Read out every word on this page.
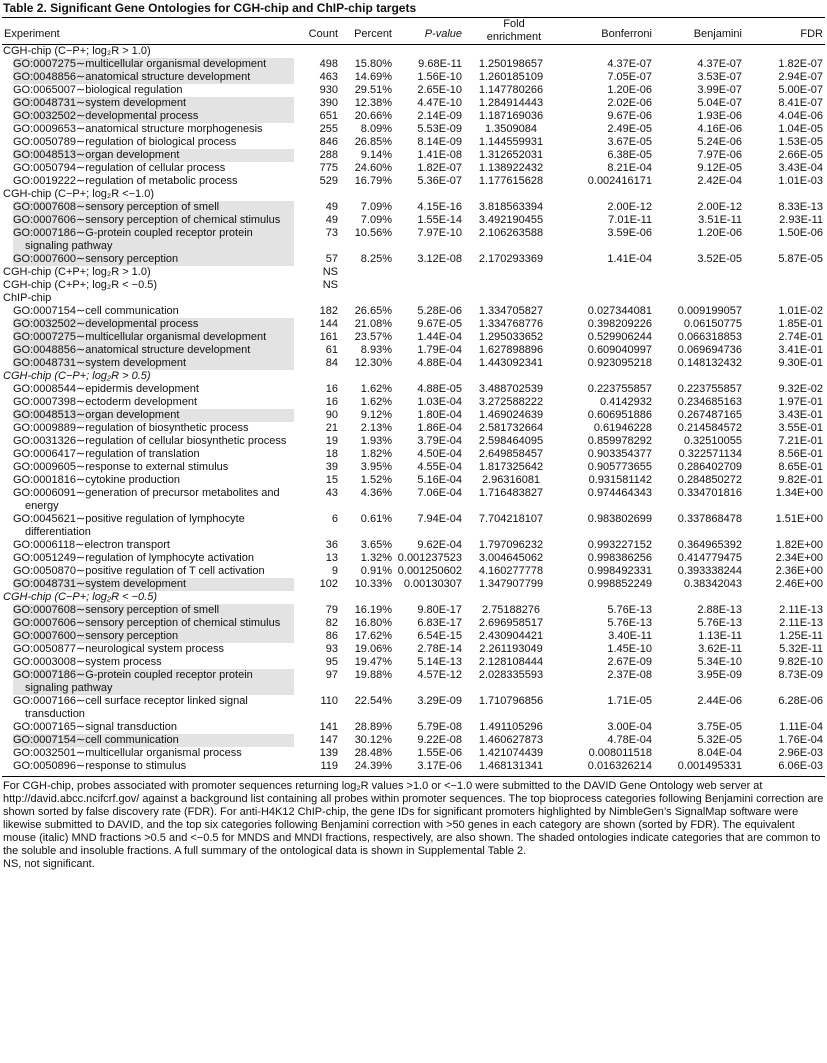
Table 2. Significant Gene Ontologies for CGH-chip and ChIP-chip targets
Experiment	Count	Percent	P-value	Fold enrichment	Bonferroni	Benjamini	FDR
CGH-chip (C−P+; log₂R > 1.0)							

GO:0007275∼multicellular organismal development	498	15.80%	9.68E-11	1.250198657	4.37E-07	4.37E-07	1.82E-07

GO:0048856∼anatomical structure development	463	14.69%	1.56E-10	1.260185109	7.05E-07	3.53E-07	2.94E-07

GO:0065007∼biological regulation	930	29.51%	2.65E-10	1.147780266	1.20E-06	3.99E-07	5.00E-07

GO:0048731∼system development	390	12.38%	4.47E-10	1.284914443	2.02E-06	5.04E-07	8.41E-07

GO:0032502∼developmental process	651	20.66%	2.14E-09	1.187169036	9.67E-06	1.93E-06	4.04E-06

GO:0009653∼anatomical structure morphogenesis	255	8.09%	5.53E-09	1.3509084	2.49E-05	4.16E-06	1.04E-05

GO:0050789∼regulation of biological process	846	26.85%	8.14E-09	1.144559931	3.67E-05	5.24E-06	1.53E-05

GO:0048513∼organ development	288	9.14%	1.41E-08	1.312652031	6.38E-05	7.97E-06	2.66E-05

GO:0050794∼regulation of cellular process	775	24.60%	1.82E-07	1.138922432	8.21E-04	9.12E-05	3.43E-04

GO:0019222∼regulation of metabolic process	529	16.79%	5.36E-07	1.177615628	0.002416171	2.42E-04	1.01E-03
CGH-chip (C−P+; log₂R <−1.0)							

GO:0007608∼sensory perception of smell	49	7.09%	4.15E-16	3.818563394	2.00E-12	2.00E-12	8.33E-13

GO:0007606∼sensory perception of chemical stimulus	49	7.09%	1.55E-14	3.492190455	7.01E-11	3.51E-11	2.93E-11

GO:0007186∼G-protein coupled receptor protein signaling pathway	73	10.56%	7.97E-10	2.106263588	3.59E-06	1.20E-06	1.50E-06

GO:0007600∼sensory perception	57	8.25%	3.12E-08	2.170293369	1.41E-04	3.52E-05	5.87E-05
CGH-chip (C+P+; log₂R > 1.0)	NS						
CGH-chip (C+P+; log₂R < −0.5)	NS						
ChIP-chip							

GO:0007154∼cell communication	182	26.65%	5.28E-06	1.334705827	0.027344081	0.009199057	1.01E-02

GO:0032502∼developmental process	144	21.08%	9.67E-05	1.334768776	0.398209226	0.06150775	1.85E-01

GO:0007275∼multicellular organismal development	161	23.57%	1.44E-04	1.295033652	0.529906244	0.066318853	2.74E-01

GO:0048856∼anatomical structure development	61	8.93%	1.79E-04	1.627898896	0.609040997	0.069694736	3.41E-01

GO:0048731∼system development	84	12.30%	4.88E-04	1.443092341	0.923095218	0.148132432	9.30E-01
CGH-chip (C−P+; log₂R > 0.5)							

GO:0008544∼epidermis development	16	1.62%	4.88E-05	3.488702539	0.223755857	0.223755857	9.32E-02

GO:0007398∼ectoderm development	16	1.62%	1.03E-04	3.272588222	0.4142932	0.234685163	1.97E-01

GO:0048513∼organ development	90	9.12%	1.80E-04	1.469024639	0.606951886	0.267487165	3.43E-01

GO:0009889∼regulation of biosynthetic process	21	2.13%	1.86E-04	2.581732664	0.61946228	0.214584572	3.55E-01

GO:0031326∼regulation of cellular biosynthetic process	19	1.93%	3.79E-04	2.598464095	0.859978292	0.32510055	7.21E-01

GO:0006417∼regulation of translation	18	1.82%	4.50E-04	2.649858457	0.903354377	0.322571134	8.56E-01

GO:0009605∼response to external stimulus	39	3.95%	4.55E-04	1.817325642	0.905773655	0.286402709	8.65E-01

GO:0001816∼cytokine production	15	1.52%	5.16E-04	2.96316081	0.931581142	0.284850272	9.82E-01

GO:0006091∼generation of precursor metabolites and energy	43	4.36%	7.06E-04	1.716483827	0.974464343	0.334701816	1.34E+00

GO:0045621∼positive regulation of lymphocyte differentiation	6	0.61%	7.94E-04	7.704218107	0.983802699	0.337868478	1.51E+00

GO:0006118∼electron transport	36	3.65%	9.62E-04	1.797096232	0.993227152	0.364965392	1.82E+00

GO:0051249∼regulation of lymphocyte activation	13	1.32%	0.001237523	3.004645062	0.998386256	0.414779475	2.34E+00

GO:0050870∼positive regulation of T cell activation	9	0.91%	0.001250602	4.160277778	0.998492331	0.393338244	2.36E+00

GO:0048731∼system development	102	10.33%	0.00130307	1.347907799	0.998852249	0.38342043	2.46E+00
CGH-chip (C−P+; log₂R < −0.5)							

GO:0007608∼sensory perception of smell	79	16.19%	9.80E-17	2.75188276	5.76E-13	2.88E-13	2.11E-13

GO:0007606∼sensory perception of chemical stimulus	82	16.80%	6.83E-17	2.696958517	5.76E-13	5.76E-13	2.11E-13

GO:0007600∼sensory perception	86	17.62%	6.54E-15	2.430904421	3.40E-11	1.13E-11	1.25E-11

GO:0050877∼neurological system process	93	19.06%	2.78E-14	2.261193049	1.45E-10	3.62E-11	5.32E-11

GO:0003008∼system process	95	19.47%	5.14E-13	2.128108444	2.67E-09	5.34E-10	9.82E-10

GO:0007186∼G-protein coupled receptor protein signaling pathway	97	19.88%	4.57E-12	2.028335593	2.37E-08	3.95E-09	8.73E-09

GO:0007166∼cell surface receptor linked signal transduction	110	22.54%	3.29E-09	1.710796856	1.71E-05	2.44E-06	6.28E-06

GO:0007165∼signal transduction	141	28.89%	5.79E-08	1.491105296	3.00E-04	3.75E-05	1.11E-04

GO:0007154∼cell communication	147	30.12%	9.22E-08	1.460627873	4.78E-04	5.32E-05	1.76E-04

GO:0032501∼multicellular organismal process	139	28.48%	1.55E-06	1.421074439	0.008011518	8.04E-04	2.96E-03

GO:0050896∼response to stimulus	119	24.39%	3.17E-06	1.468131341	0.016326214	0.001495331	6.06E-03

For CGH-chip, probes associated with promoter sequences returning log₂R values >1.0 or <−1.0 were submitted to the DAVID Gene Ontology web server at http://david.abcc.ncifcrf.gov/ against a background list containing all probes within promoter sequences. The top bioprocess categories following Benjamini correction are shown sorted by false discovery rate (FDR). For anti-H4K12 ChIP-chip, the gene IDs for significant promoters highlighted by NimbleGen’s SignalMap software were likewise submitted to DAVID, and the top six categories following Benjamini correction with >50 genes in each category are shown (sorted by FDR). The equivalent mouse (italic) MND fractions >0.5 and <−0.5 for MNDS and MNDI fractions, respectively, are also shown. The shaded ontologies indicate categories that are common to the soluble and insoluble fractions. A full summary of the ontological data is shown in Supplemental Table 2.

NS, not significant.
